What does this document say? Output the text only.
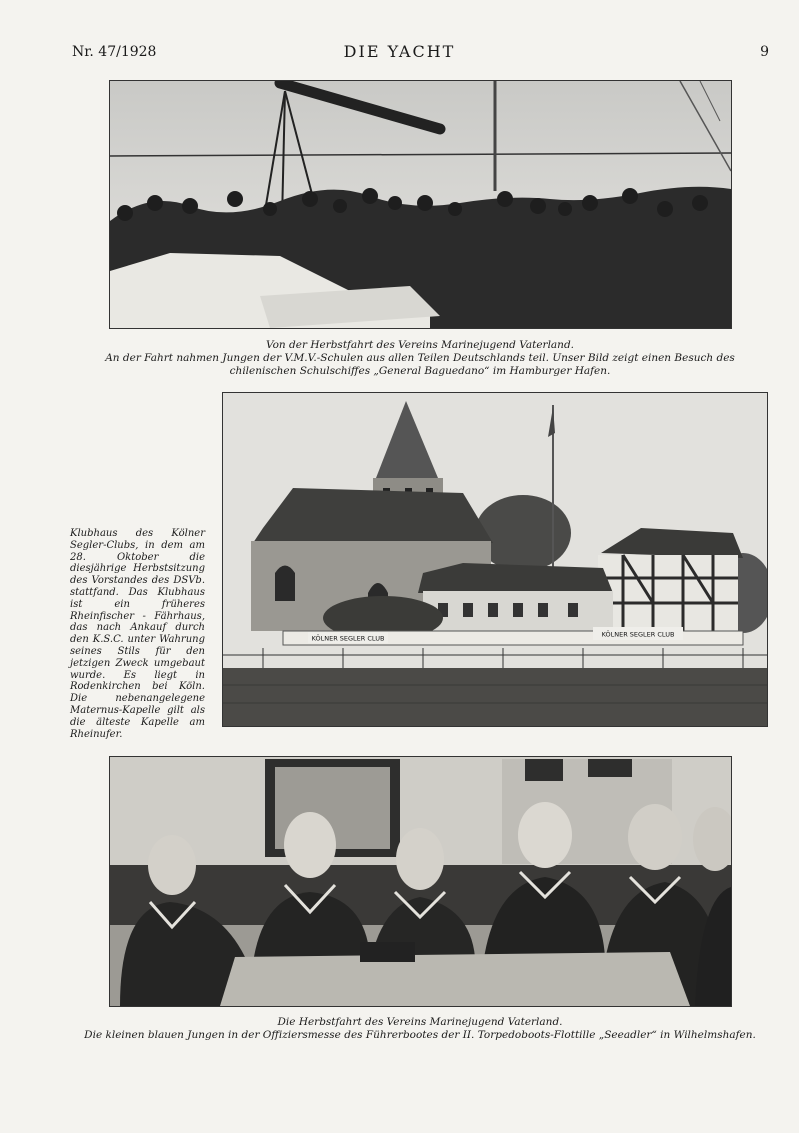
Nr. 47/1928	DIE YACHT	9
Von der Herbstfahrt des Vereins Marinejugend Vaterland.
An der Fahrt nahmen Jungen der V.M.V.-Schulen aus allen Teilen Deutschlands teil. Unser Bild zeigt einen Besuch des
chilenischen Schulschiffes „General Baguedano“ im Hamburger Hafen.
KÖLNER SEGLER CLUB	KÖLNER SEGLER CLUB
Klubhaus des Kölner Segler-Clubs, in dem am 28. Oktober die diesjährige Herbstsitzung des Vorstandes des DSVb. stattfand. Das Klubhaus ist ein früheres Rheinfischer - Fährhaus, das nach Ankauf durch den K.S.C. unter Wahrung seines Stils für den jetzigen Zweck umgebaut wurde. Es liegt in Rodenkirchen bei Köln. Die nebenangelegene Maternus-Kapelle gilt als die älteste Kapelle am Rheinufer.
Die Herbstfahrt des Vereins Marinejugend Vaterland.
Die kleinen blauen Jungen in der Offiziersmesse des Führerbootes der II. Torpedoboots-Flottille „Seeadler“ in Wilhelmshafen.
